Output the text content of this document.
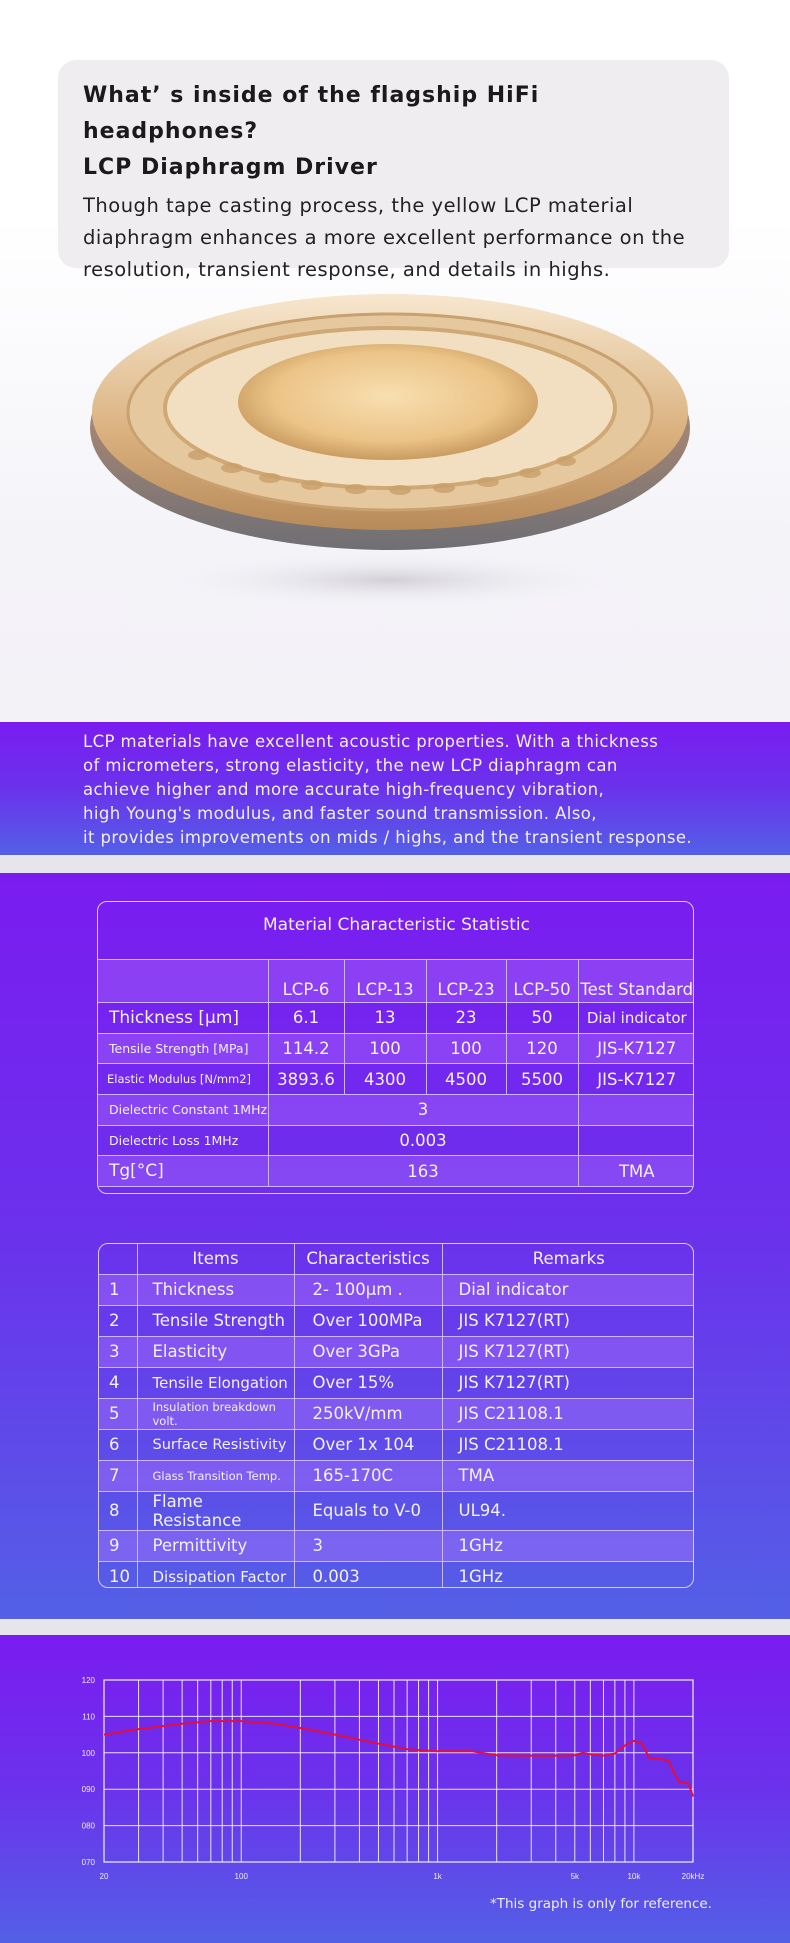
What’ s inside of the flagship HiFi headphones?
LCP Diaphragm Driver

Though tape casting process, the yellow LCP material diaphragm enhances a more excellent performance on the resolution, transient response, and details in highs.

LCP materials have excellent acoustic properties. With a thickness
of micrometers, strong elasticity, the new LCP diaphragm can
achieve higher and more accurate high-frequency vibration,
high Young's modulus, and faster sound transmission. Also,
it provides improvements on mids / highs, and the transient response.

Material Characteristic Statistic
	LCP-6	LCP-13	LCP-23	LCP-50	Test Standard
Thickness [μm]	6.1	13	23	50	Dial indicator
Tensile Strength [MPa]	114.2	100	100	120	JIS-K7127
Elastic Modulus [N/mm2]	3893.6	4300	4500	5500	JIS-K7127
Dielectric Constant 1MHz	3				
Dielectric Loss 1MHz	0.003				
Tg[°C]	163				TMA
	Items	Characteristics	Remarks
1	Thickness	2- 100μm .	Dial indicator
2	Tensile Strength	Over 100MPa	JIS K7127(RT)
3	Elasticity	Over 3GPa	JIS K7127(RT)
4	Tensile Elongation	Over 15%	JIS K7127(RT)
5	Insulation breakdown volt.	250kV/mm	JIS C21108.1
6	Surface Resistivity	Over 1x 104	JIS C21108.1
7	Glass Transition Temp.	165-170C	TMA
8	Flame Resistance	Equals to V-0	UL94.
9	Permittivity	3	1GHz
10	Dissipation Factor	0.003	1GHz
120
110
100
090
080
070
20	100	1k	5k	10k	20kHz
*This graph is only for reference.
